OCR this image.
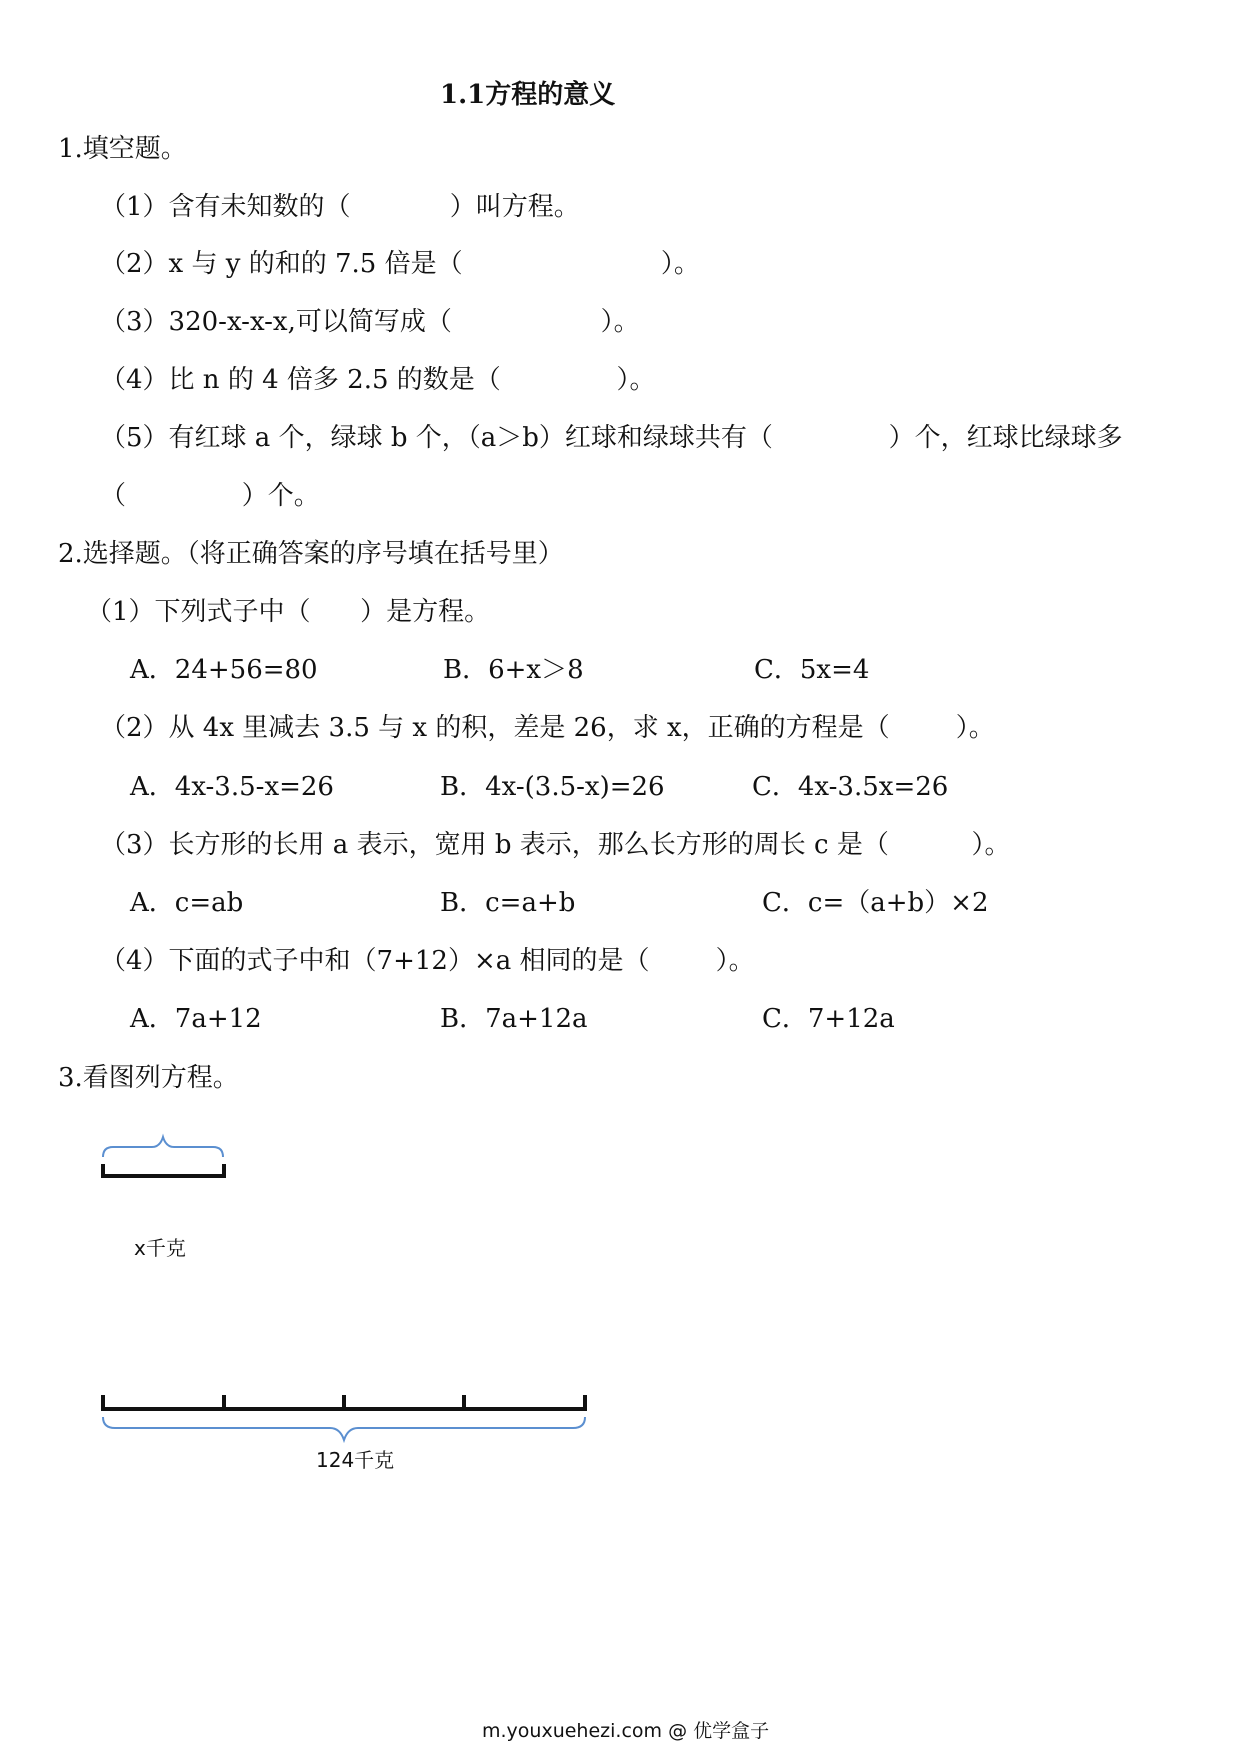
1.1方程的意义
1.填空题。
（1）含有未知数的（            ）叫方程。
（2）x 与 y 的和的 7.5 倍是（                        ）。
（3）320-x-x-x,可以简写成（                  ）。
（4）比 n 的 4 倍多 2.5 的数是（              ）。
（5）有红球 a 个，绿球 b 个，（a＞b）红球和绿球共有（              ）个，红球比绿球多
（              ）个。
2.选择题。（将正确答案的序号填在括号里）
（1）下列式子中（      ）是方程。
A．24+56=80	B．6+x＞8	C．5x=4
（2）从 4x 里减去 3.5 与 x 的积，差是 26，求 x，正确的方程是（        ）。
A．4x-3.5-x=26	B．4x-(3.5-x)=26	C．4x-3.5x=26
（3）长方形的长用 a 表示，宽用 b 表示，那么长方形的周长 c 是（          ）。
A．c=ab	B．c=a+b	C．c=（a+b）×2
（4）下面的式子中和（7+12）×a 相同的是（        ）。
A．7a+12	B．7a+12a	C．7+12a
3.看图列方程。
x千克
124千克
m.youxuehezi.com @ 优学盒子
